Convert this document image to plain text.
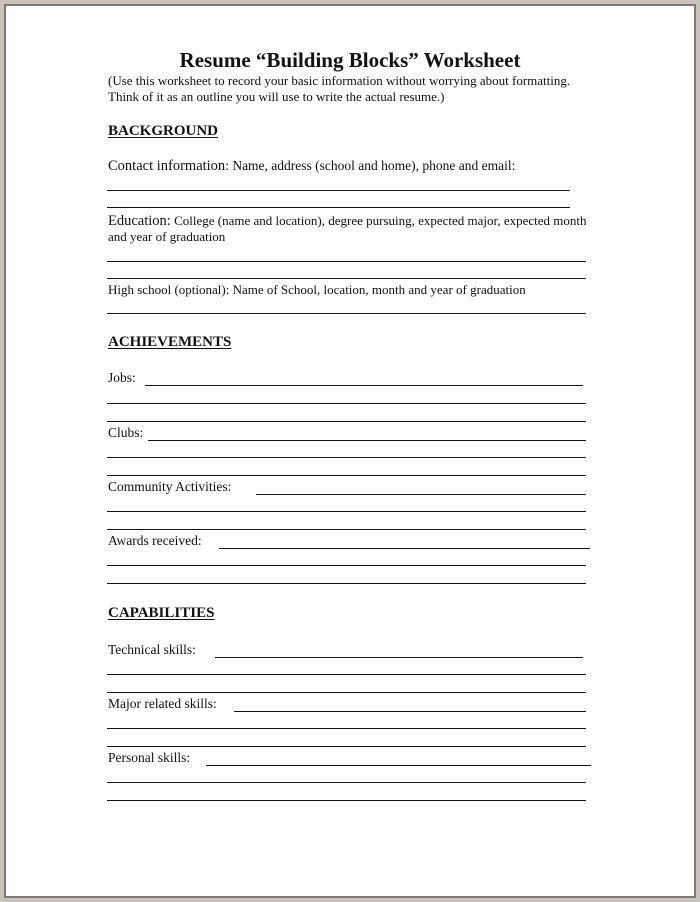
Resume “Building Blocks” Worksheet
(Use this worksheet to record your basic information without worrying about formatting.
Think of it as an outline you will use to write the actual resume.)
BACKGROUND
Contact information: Name, address (school and home), phone and email:
Education: College (name and location), degree pursuing, expected major, expected month and year of graduation
High school (optional): Name of School, location, month and year of graduation
ACHIEVEMENTS
Jobs:
Clubs:
Community Activities:
Awards received:
CAPABILITIES
Technical skills:
Major related skills:
Personal skills:
